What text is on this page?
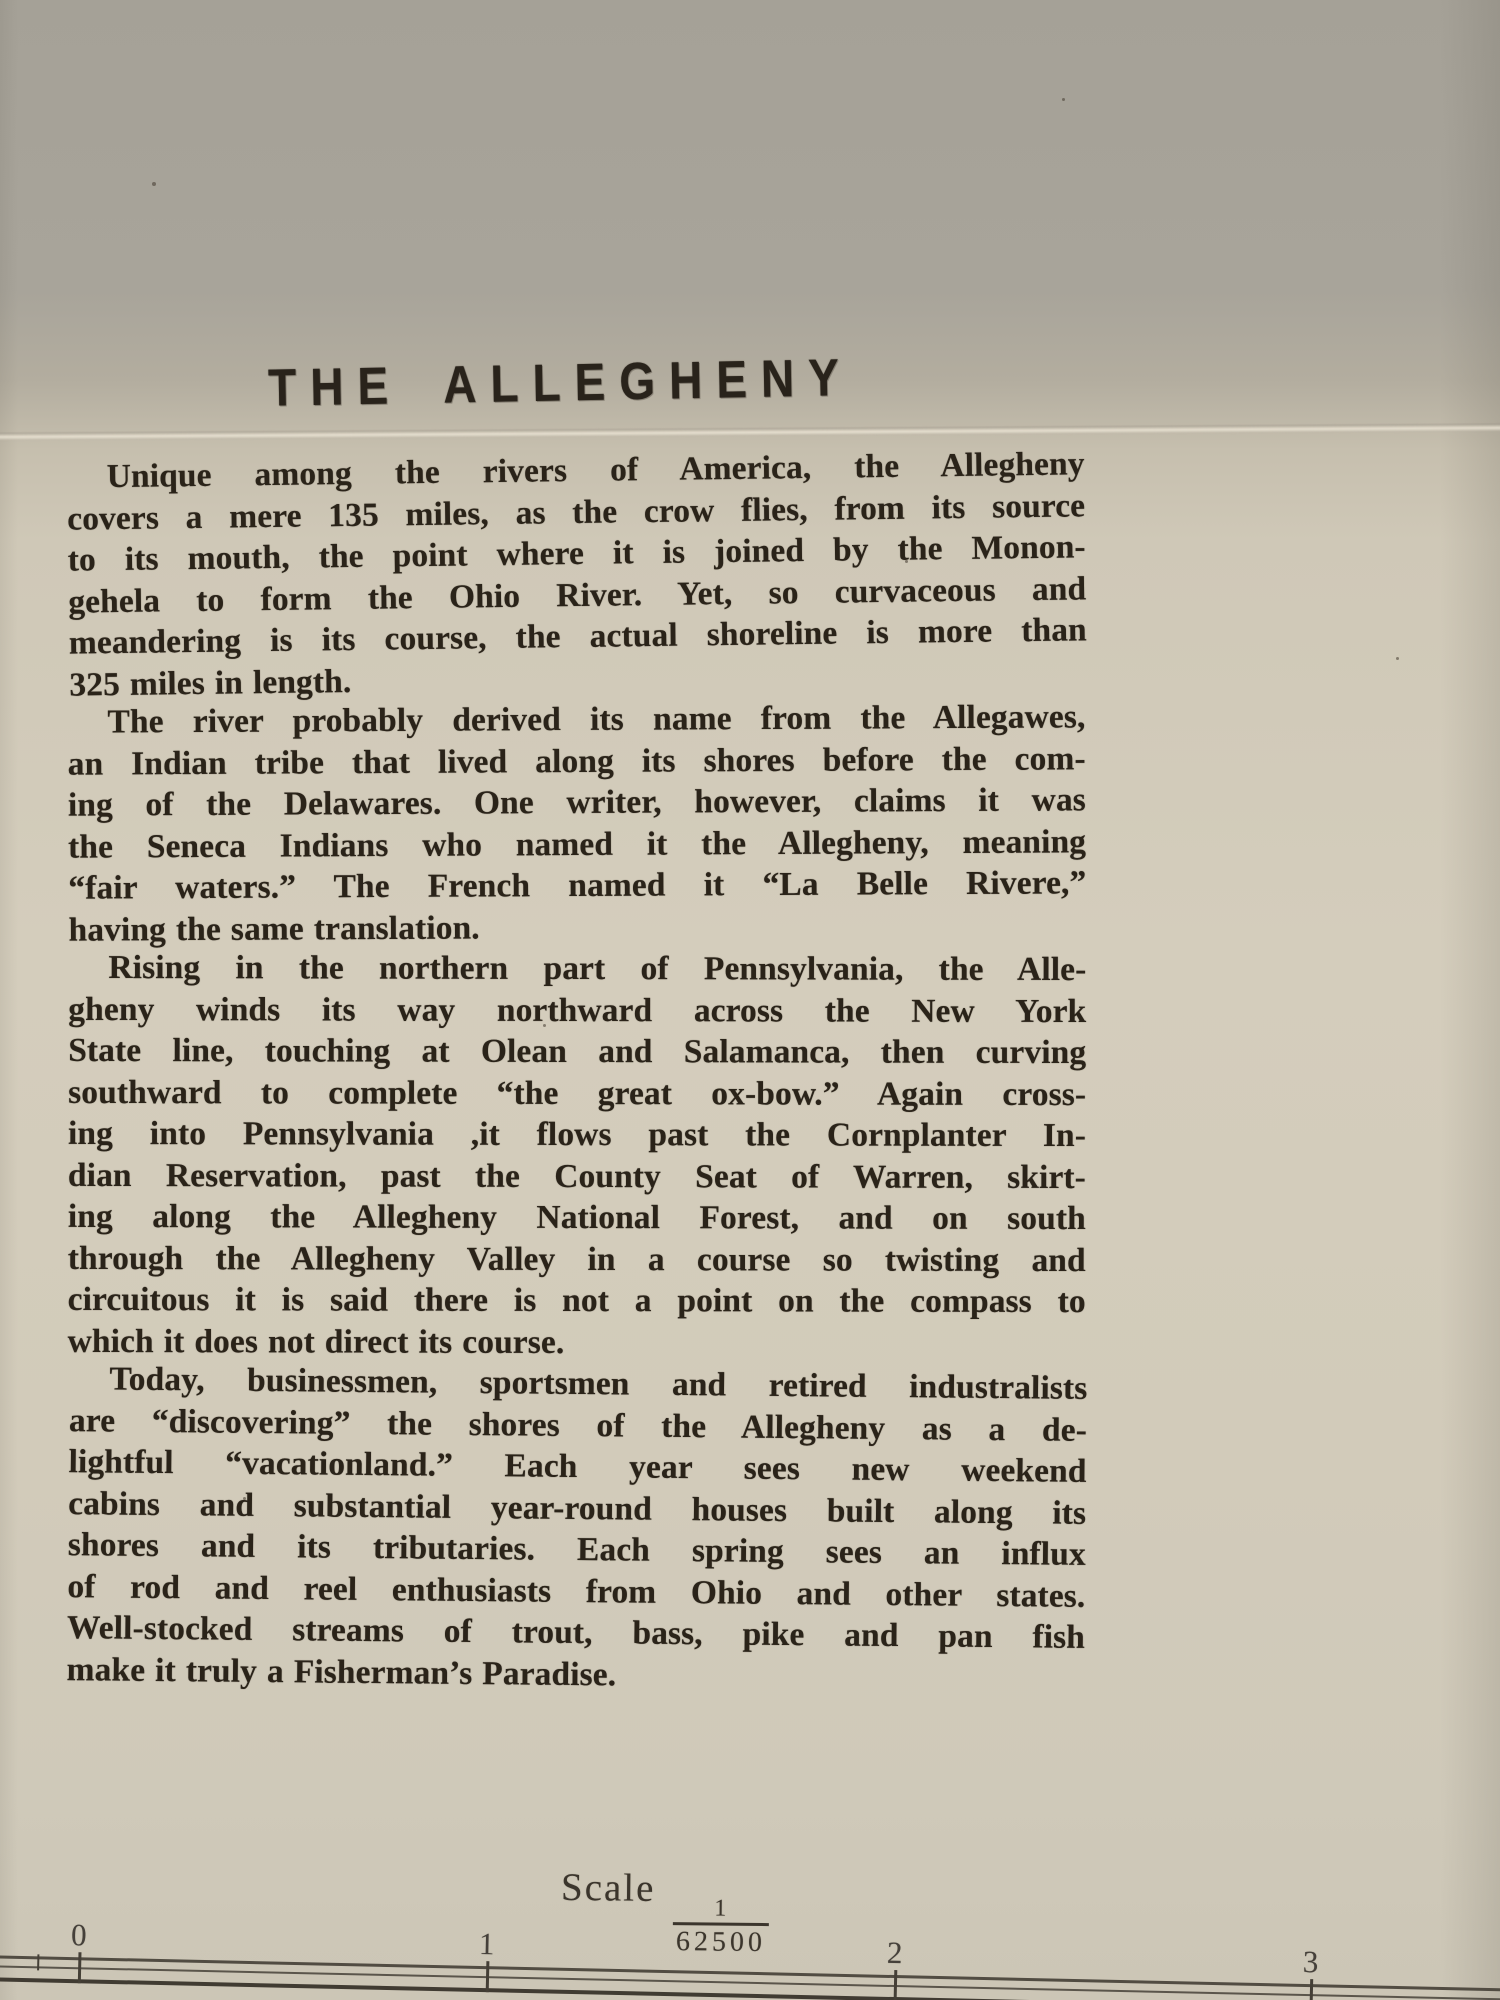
THE ALLEGHENY
Unique among the rivers of America, the Allegheny
covers a mere 135 miles, as the crow flies, from its source
to its mouth, the point where it is joined by the Monon-
gehela to form the Ohio River. Yet, so curvaceous and
meandering is its course, the actual shoreline is more than
325 miles in length.
The river probably derived its name from the Allegawes,
an Indian tribe that lived along its shores before the com-
ing of the Delawares. One writer, however, claims it was
the Seneca Indians who named it the Allegheny, meaning
“fair waters.” The French named it “La Belle Rivere,”
having the same translation.
Rising in the northern part of Pennsylvania, the Alle-
gheny winds its way northward across the New York
State line, touching at Olean and Salamanca, then curving
southward to complete “the great ox-bow.” Again cross-
ing into Pennsylvania ,it flows past the Cornplanter In-
dian Reservation, past the County Seat of Warren, skirt-
ing along the Allegheny National Forest, and on south
through the Allegheny Valley in a course so twisting and
circuitous it is said there is not a point on the compass to
which it does not direct its course.
Today, businessmen, sportsmen and retired industralists
are “discovering” the shores of the Allegheny as a de-
lightful “vacationland.” Each year sees new weekend
cabins and substantial year-round houses built along its
shores and its tributaries. Each spring sees an influx
of rod and reel enthusiasts from Ohio and other states.
Well-stocked streams of trout, bass, pike and pan fish
make it truly a Fisherman’s Paradise.
Scale
$\frac{1}{62500}$
0	1	2	3
